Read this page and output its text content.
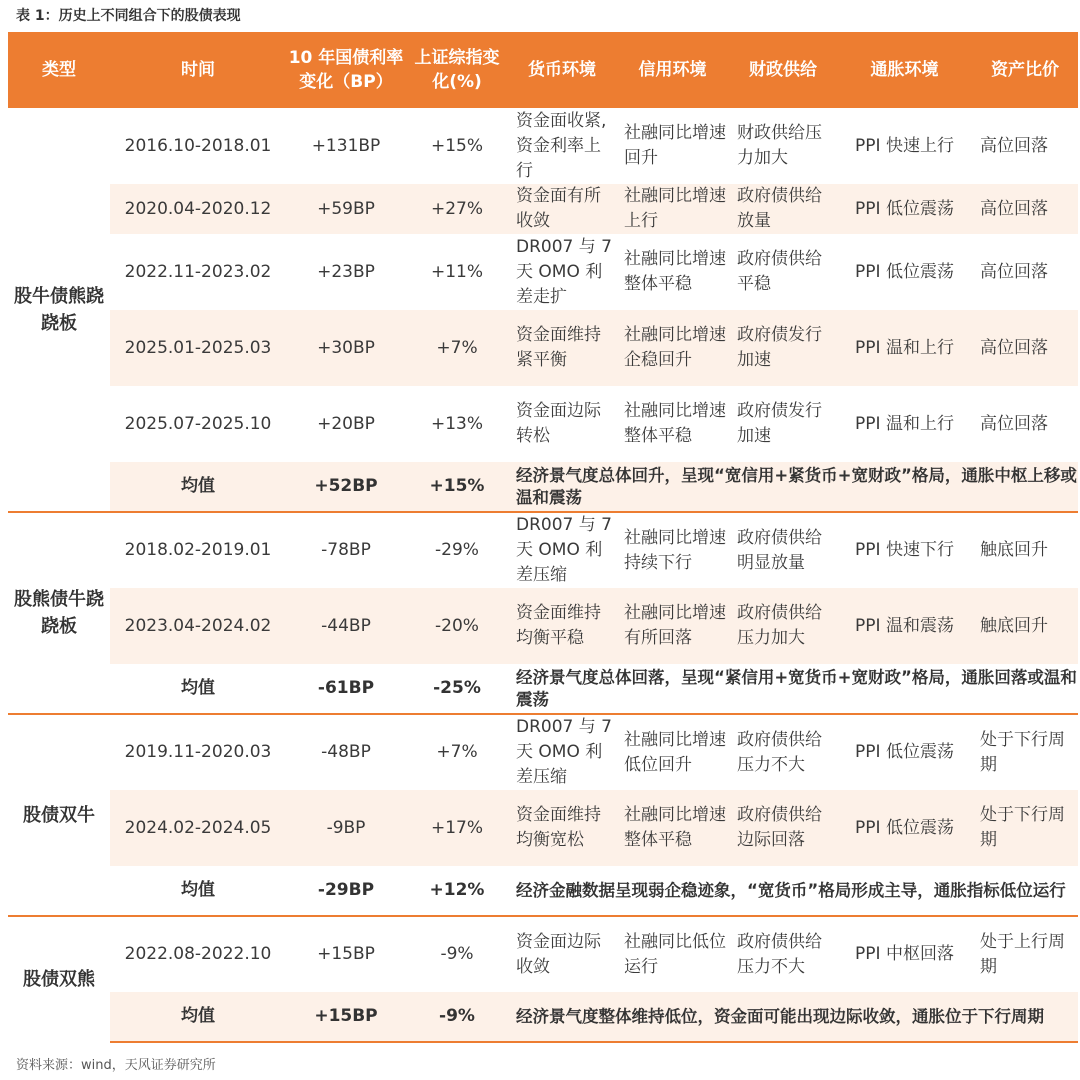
表 1：历史上不同组合下的股债表现
类型	时间	10 年国债利率变化（BP）	上证综指变化(%)	货币环境	信用环境	财政供给	通胀环境	资产比价
股牛债熊跷跷板	2016.10-2018.01	+131BP	+15%	资金面收紧,资金利率上行	社融同比增速回升	财政供给压力加大	PPI 快速上行	高位回落
	2020.04-2020.12	+59BP	+27%	资金面有所收敛	社融同比增速上行	政府债供给放量	PPI 低位震荡	高位回落
	2022.11-2023.02	+23BP	+11%	DR007 与 7 天 OMO 利差走扩	社融同比增速整体平稳	政府债供给平稳	PPI 低位震荡	高位回落
	2025.01-2025.03	+30BP	+7%	资金面维持紧平衡	社融同比增速企稳回升	政府债发行加速	PPI 温和上行	高位回落
	2025.07-2025.10	+20BP	+13%	资金面边际转松	社融同比增速整体平稳	政府债发行加速	PPI 温和上行	高位回落
	均值	+52BP	+15%	经济景气度总体回升，呈现“宽信用+紧货币+宽财政”格局，通胀中枢上移或温和震荡				
股熊债牛跷跷板	2018.02-2019.01	-78BP	-29%	DR007 与 7 天 OMO 利差压缩	社融同比增速持续下行	政府债供给明显放量	PPI 快速下行	触底回升
	2023.04-2024.02	-44BP	-20%	资金面维持均衡平稳	社融同比增速有所回落	政府债供给压力加大	PPI 温和震荡	触底回升
	均值	-61BP	-25%	经济景气度总体回落，呈现“紧信用+宽货币+宽财政”格局，通胀回落或温和震荡				
股债双牛	2019.11-2020.03	-48BP	+7%	DR007 与 7 天 OMO 利差压缩	社融同比增速低位回升	政府债供给压力不大	PPI 低位震荡	处于下行周期
	2024.02-2024.05	-9BP	+17%	资金面维持均衡宽松	社融同比增速整体平稳	政府债供给边际回落	PPI 低位震荡	处于下行周期
	均值	-29BP	+12%	经济金融数据呈现弱企稳迹象，“宽货币”格局形成主导，通胀指标低位运行				
股债双熊	2022.08-2022.10	+15BP	-9%	资金面边际收敛	社融同比低位运行	政府债供给压力不大	PPI 中枢回落	处于上行周期
	均值	+15BP	-9%	经济景气度整体维持低位，资金面可能出现边际收敛，通胀位于下行周期				
资料来源：wind，天风证券研究所
